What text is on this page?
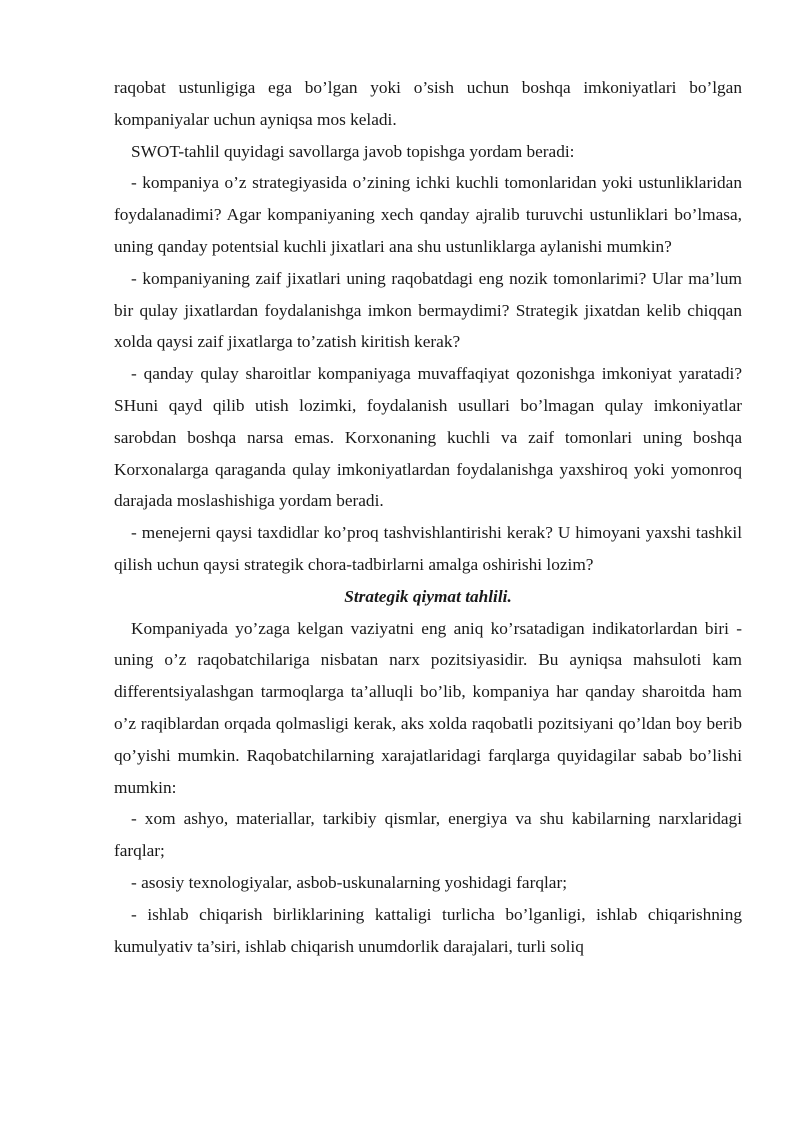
raqobat ustunligiga ega bo’lgan yoki o’sish uchun boshqa imkoniyatlari bo’lgan kompaniyalar uchun ayniqsa mos keladi.

SWOT-tahlil quyidagi savollarga javob topishga yordam beradi:

- kompaniya o’z strategiyasida o’zining ichki kuchli tomonlaridan yoki ustunliklaridan foydalanadimi? Agar kompaniyaning xech qanday ajralib turuvchi ustunliklari bo’lmasa, uning qanday potentsial kuchli jixatlari ana shu ustunliklarga aylanishi mumkin?

- kompaniyaning zaif jixatlari uning raqobatdagi eng nozik tomonlarimi? Ular ma’lum bir qulay jixatlardan foydalanishga imkon bermaydimi? Strategik jixatdan kelib chiqqan xolda qaysi zaif jixatlarga to’zatish kiritish kerak?

- qanday qulay sharoitlar kompaniyaga muvaffaqiyat qozonishga imkoniyat yaratadi? SHuni qayd qilib utish lozimki, foydalanish usullari bo’lmagan qulay imkoniyatlar sarobdan boshqa narsa emas. Korxonaning kuchli va zaif tomonlari uning boshqa Korxonalarga qaraganda qulay imkoniyatlardan foydalanishga yaxshiroq yoki yomonroq darajada moslashishiga yordam beradi.

- menejerni qaysi taxdidlar ko’proq tashvishlantirishi kerak? U himoyani yaxshi tashkil qilish uchun qaysi strategik chora-tadbirlarni amalga oshirishi lozim?

Strategik qiymat tahlili.

Kompaniyada yo’zaga kelgan vaziyatni eng aniq ko’rsatadigan indikatorlardan biri - uning o’z raqobatchilariga nisbatan narx pozitsiyasidir. Bu ayniqsa mahsuloti kam differentsiyalashgan tarmoqlarga ta’alluqli bo’lib, kompaniya har qanday sharoitda ham o’z raqiblardan orqada qolmasligi kerak, aks xolda raqobatli pozitsiyani qo’ldan boy berib qo’yishi mumkin. Raqobatchilarning xarajatlaridagi farqlarga quyidagilar sabab bo’lishi mumkin:

- xom ashyo, materiallar, tarkibiy qismlar, energiya va shu kabilarning narxlaridagi farqlar;

- asosiy texnologiyalar, asbob-uskunalarning yoshidagi farqlar;

- ishlab chiqarish birliklarining kattaligi turlicha bo’lganligi, ishlab chiqarishning kumulyativ ta’siri, ishlab chiqarish unumdorlik darajalari, turli soliq
